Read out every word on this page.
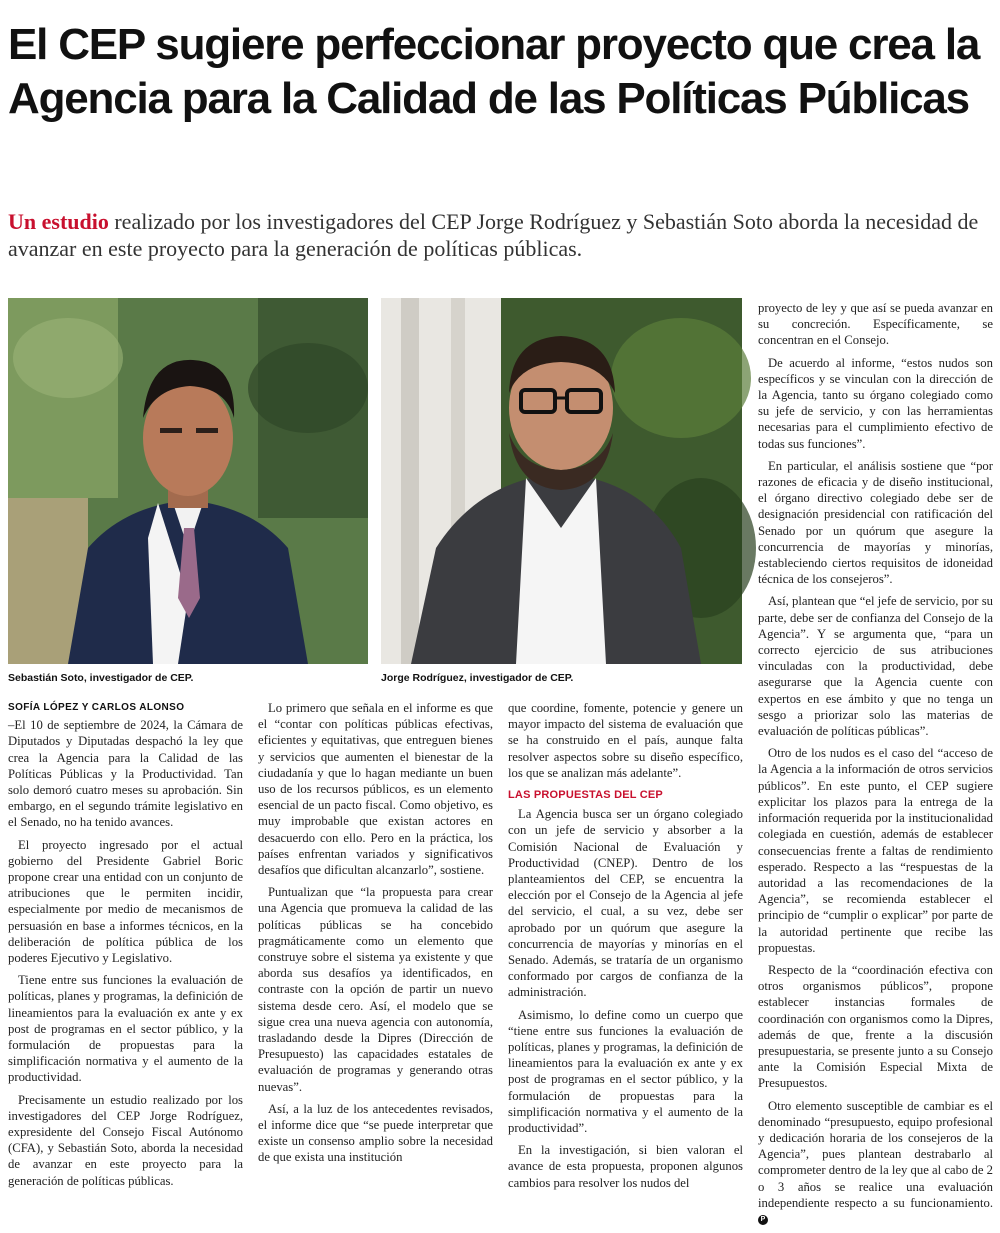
El CEP sugiere perfeccionar proyecto que crea la Agencia para la Calidad de las Políticas Públicas

Un estudio realizado por los investigadores del CEP Jorge Rodríguez y Sebastián Soto aborda la necesidad de avanzar en este proyecto para la generación de políticas públicas.

Sebastián Soto, investigador de CEP.	Jorge Rodríguez, investigador de CEP.
SOFÍA LÓPEZ Y CARLOS ALONSO

–El 10 de septiembre de 2024, la Cámara de Diputados y Diputadas despachó la ley que crea la Agencia para la Calidad de las Políticas Públicas y la Productividad. Tan solo demoró cuatro meses su aprobación. Sin embargo, en el segundo trámite legislativo en el Senado, no ha tenido avances.

El proyecto ingresado por el actual gobierno del Presidente Gabriel Boric propone crear una entidad con un conjunto de atribuciones que le permiten incidir, especialmente por medio de mecanismos de persuasión en base a informes técnicos, en la deliberación de política pública de los poderes Ejecutivo y Legislativo.

Tiene entre sus funciones la evaluación de políticas, planes y programas, la definición de lineamientos para la evaluación ex ante y ex post de programas en el sector público, y la formulación de propuestas para la simplificación normativa y el aumento de la productividad.

Precisamente un estudio realizado por los investigadores del CEP Jorge Rodríguez, expresidente del Consejo Fiscal Autónomo (CFA), y Sebastián Soto, aborda la necesidad de avanzar en este proyecto para la generación de políticas públicas.

Lo primero que señala en el informe es que el “contar con políticas públicas efectivas, eficientes y equitativas, que entreguen bienes y servicios que aumenten el bienestar de la ciudadanía y que lo hagan mediante un buen uso de los recursos públicos, es un elemento esencial de un pacto fiscal. Como objetivo, es muy improbable que existan actores en desacuerdo con ello. Pero en la práctica, los países enfrentan variados y significativos desafíos que dificultan alcanzarlo”, sostiene.

Puntualizan que “la propuesta para crear una Agencia que promueva la calidad de las políticas públicas se ha concebido pragmáticamente como un elemento que construye sobre el sistema ya existente y que aborda sus desafíos ya identificados, en contraste con la opción de partir un nuevo sistema desde cero. Así, el modelo que se sigue crea una nueva agencia con autonomía, trasladando desde la Dipres (Dirección de Presupuesto) las capacidades estatales de evaluación de programas y generando otras nuevas”.

Así, a la luz de los antecedentes revisados, el informe dice que “se puede interpretar que existe un consenso amplio sobre la necesidad de que exista una institución

que coordine, fomente, potencie y genere un mayor impacto del sistema de evaluación que se ha construido en el país, aunque falta resolver aspectos sobre su diseño específico, los que se analizan más adelante”.

LAS PROPUESTAS DEL CEP

La Agencia busca ser un órgano colegiado con un jefe de servicio y absorber a la Comisión Nacional de Evaluación y Productividad (CNEP). Dentro de los planteamientos del CEP, se encuentra la elección por el Consejo de la Agencia al jefe del servicio, el cual, a su vez, debe ser aprobado por un quórum que asegure la concurrencia de mayorías y minorías en el Senado. Además, se trataría de un organismo conformado por cargos de confianza de la administración.

Asimismo, lo define como un cuerpo que “tiene entre sus funciones la evaluación de políticas, planes y programas, la definición de lineamientos para la evaluación ex ante y ex post de programas en el sector público, y la formulación de propuestas para la simplificación normativa y el aumento de la productividad”.

En la investigación, si bien valoran el avance de esta propuesta, proponen algunos cambios para resolver los nudos del

proyecto de ley y que así se pueda avanzar en su concreción. Específicamente, se concentran en el Consejo.

De acuerdo al informe, “estos nudos son específicos y se vinculan con la dirección de la Agencia, tanto su órgano colegiado como su jefe de servicio, y con las herramientas necesarias para el cumplimiento efectivo de todas sus funciones”.

En particular, el análisis sostiene que “por razones de eficacia y de diseño institucional, el órgano directivo colegiado debe ser de designación presidencial con ratificación del Senado por un quórum que asegure la concurrencia de mayorías y minorías, estableciendo ciertos requisitos de idoneidad técnica de los consejeros”.

Así, plantean que “el jefe de servicio, por su parte, debe ser de confianza del Consejo de la Agencia”. Y se argumenta que, “para un correcto ejercicio de sus atribuciones vinculadas con la productividad, debe asegurarse que la Agencia cuente con expertos en ese ámbito y que no tenga un sesgo a priorizar solo las materias de evaluación de políticas públicas”.

Otro de los nudos es el caso del “acceso de la Agencia a la información de otros servicios públicos”. En este punto, el CEP sugiere explicitar los plazos para la entrega de la información requerida por la institucionalidad colegiada en cuestión, además de establecer consecuencias frente a faltas de rendimiento esperado. Respecto a las “respuestas de la autoridad a las recomendaciones de la Agencia”, se recomienda establecer el principio de “cumplir o explicar” por parte de la autoridad pertinente que recibe las propuestas.

Respecto de la “coordinación efectiva con otros organismos públicos”, propone establecer instancias formales de coordinación con organismos como la Dipres, además de que, frente a la discusión presupuestaria, se presente junto a su Consejo ante la Comisión Especial Mixta de Presupuestos.

Otro elemento susceptible de cambiar es el denominado “presupuesto, equipo profesional y dedicación horaria de los consejeros de la Agencia”, pues plantean destrabarlo al comprometer dentro de la ley que al cabo de 2 o 3 años se realice una evaluación independiente respecto a su funcionamiento. P
